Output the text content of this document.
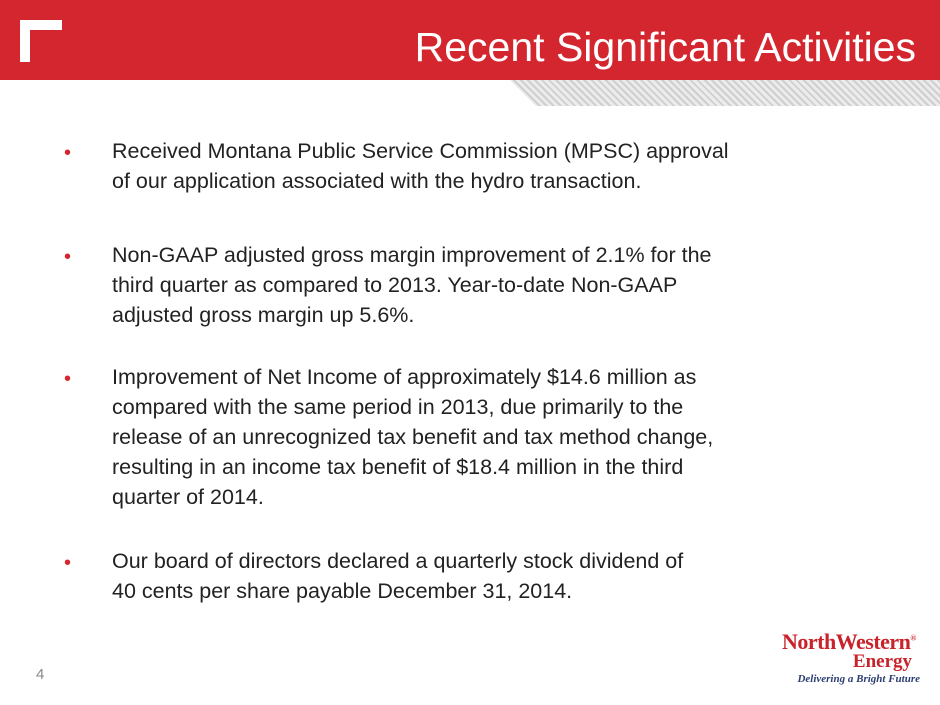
Recent Significant Activities
• Received Montana Public Service Commission (MPSC) approval
of our application associated with the hydro transaction.
• Non-GAAP adjusted gross margin improvement of 2.1% for the
third quarter as compared to 2013. Year-to-date Non-GAAP
adjusted gross margin up 5.6%.
• Improvement of Net Income of approximately $14.6 million as
compared with the same period in 2013, due primarily to the
release of an unrecognized tax benefit and tax method change,
resulting in an income tax benefit of $18.4 million in the third
quarter of 2014.
• Our board of directors declared a quarterly stock dividend of
40 cents per share payable December 31, 2014.
4
NorthWestern®
Energy
Delivering a Bright Future
